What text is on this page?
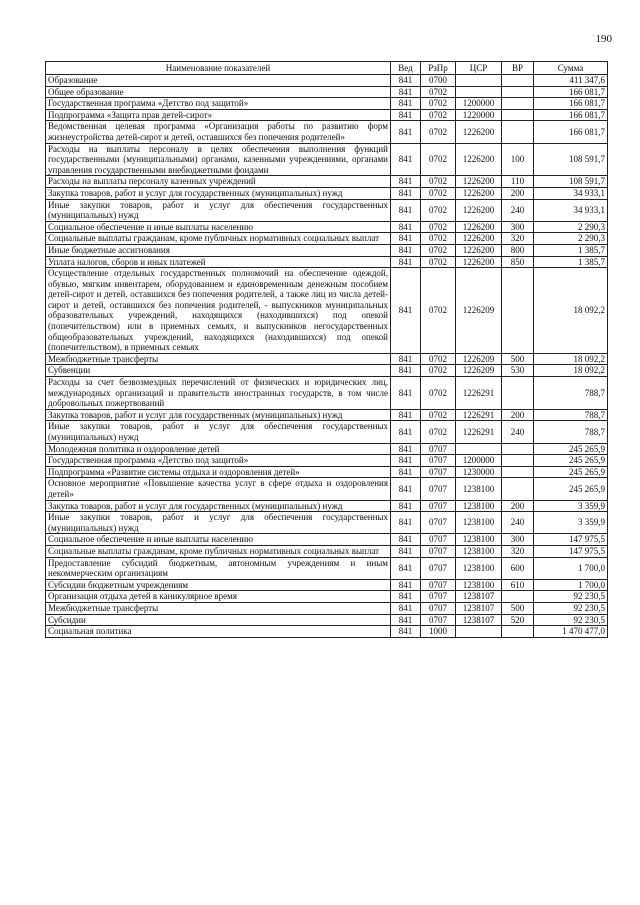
190
Наименование показателей	Вед	РзПр	ЦСР	ВР	Сумма
Образование	841	0700			411 347,6
Общее образование	841	0702			166 081,7
Государственная программа «Детство под защитой»	841	0702	1200000		166 081,7
Подпрограмма «Защита прав детей-сирот»	841	0702	1220000		166 081,7
Ведомственная целевая программа «Организация работы по развитию форм жизнеустройства детей-сирот и детей, оставшихся без попечения родителей»	841	0702	1226200		166 081,7
Расходы на выплаты персоналу в целях обеспечения выполнения функций государственными (муниципальными) органами, казенными учреждениями, органами управления государственными внебюджетными фондами	841	0702	1226200	100	108 591,7
Расходы на выплаты персоналу казенных учреждений	841	0702	1226200	110	108 591,7
Закупка товаров, работ и услуг для государственных (муниципальных) нужд	841	0702	1226200	200	34 933,1
Иные закупки товаров, работ и услуг для обеспечения государственных (муниципальных) нужд	841	0702	1226200	240	34 933,1
Социальное обеспечение и иные выплаты населению	841	0702	1226200	300	2 290,3
Социальные выплаты гражданам, кроме публичных нормативных социальных выплат	841	0702	1226200	320	2 290,3
Иные бюджетные ассигнования	841	0702	1226200	800	1 385,7
Уплата налогов, сборов и иных платежей	841	0702	1226200	850	1 385,7
Осуществление отдельных государственных полномочий на обеспечение одеждой, обувью, мягким инвентарем, оборудованием и единовременным денежным пособием детей-сирот и детей, оставшихся без попечения родителей, а также лиц из числа детей-сирот и детей, оставшихся без попечения родителей, - выпускников муниципальных образовательных учреждений, находящихся (находившихся) под опекой (попечительством) или в приемных семьях, и выпускников негосударственных общеобразовательных учреждений, находящихся (находившихся) под опекой (попечительством), в приемных семьях	841	0702	1226209		18 092,2
Межбюджетные трансферты	841	0702	1226209	500	18 092,2
Субвенции	841	0702	1226209	530	18 092,2
Расходы за счет безвозмездных перечислений от физических и юридических лиц, международных организаций и правительств иностранных государств, в том числе добровольных пожертвований	841	0702	1226291		788,7
Закупка товаров, работ и услуг для государственных (муниципальных) нужд	841	0702	1226291	200	788,7
Иные закупки товаров, работ и услуг для обеспечения государственных (муниципальных) нужд	841	0702	1226291	240	788,7
Молодежная политика и оздоровление детей	841	0707			245 265,9
Государственная программа «Детство под защитой»	841	0707	1200000		245 265,9
Подпрограмма «Развитие системы отдыха и оздоровления детей»	841	0707	1230000		245 265,9
Основное мероприятие «Повышение качества услуг в сфере отдыха и оздоровления детей»	841	0707	1238100		245 265,9
Закупка товаров, работ и услуг для государственных (муниципальных) нужд	841	0707	1238100	200	3 359,9
Иные закупки товаров, работ и услуг для обеспечения государственных (муниципальных) нужд	841	0707	1238100	240	3 359,9
Социальное обеспечение и иные выплаты населению	841	0707	1238100	300	147 975,5
Социальные выплаты гражданам, кроме публичных нормативных социальных выплат	841	0707	1238100	320	147 975,5
Предоставление субсидий бюджетным, автономным учреждениям и иным некоммерческим организациям	841	0707	1238100	600	1 700,0
Субсидии бюджетным учреждениям	841	0707	1238100	610	1 700,0
Организация отдыха детей в каникулярное время	841	0707	1238107		92 230,5
Межбюджетные трансферты	841	0707	1238107	500	92 230,5
Субсидии	841	0707	1238107	520	92 230,5
Социальная политика	841	1000			1 470 477,0
